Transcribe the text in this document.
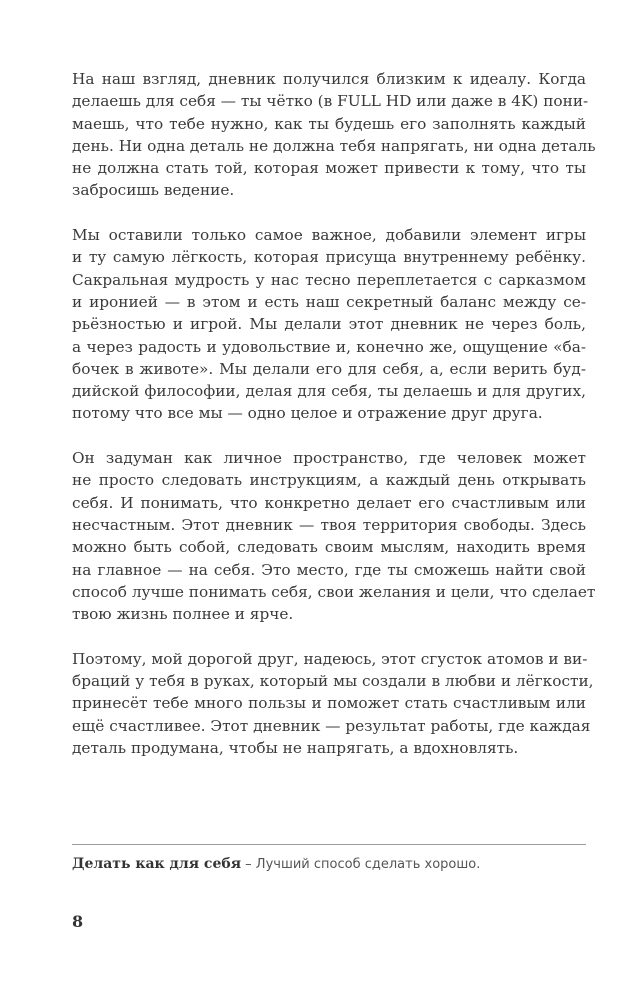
На наш взгляд, дневник получился близким к идеалу. Когда
делаешь для себя — ты чётко (в FULL HD или даже в 4K) пони-
маешь, что тебе нужно, как ты будешь его заполнять каждый
день. Ни одна деталь не должна тебя напрягать, ни одна деталь
не должна стать той, которая может привести к тому, что ты
забросишь ведение.
Мы оставили только самое важное, добавили элемент игры
и ту самую лёгкость, которая присуща внутреннему ребёнку.
Сакральная мудрость у нас тесно переплетается с сарказмом
и иронией — в этом и есть наш секретный баланс между се-
рьёзностью и игрой. Мы делали этот дневник не через боль,
а через радость и удовольствие и, конечно же, ощущение «ба-
бочек в животе». Мы делали его для себя, а, если верить буд-
дийской философии, делая для себя, ты делаешь и для других,
потому что все мы — одно целое и отражение друг друга.
Он задуман как личное пространство, где человек может
не просто следовать инструкциям, а каждый день открывать
себя. И понимать, что конкретно делает его счастливым или
несчастным. Этот дневник — твоя территория свободы. Здесь
можно быть собой, следовать своим мыслям, находить время
на главное — на себя. Это место, где ты сможешь найти свой
способ лучше понимать себя, свои желания и цели, что сделает
твою жизнь полнее и ярче.
Поэтому, мой дорогой друг, надеюсь, этот сгусток атомов и ви-
браций у тебя в руках, который мы создали в любви и лёгкости,
принесёт тебе много пользы и поможет стать счастливым или
ещё счастливее. Этот дневник — результат работы, где каждая
деталь продумана, чтобы не напрягать, а вдохновлять.
Делать как для себя – Лучший способ сделать хорошо.
8
